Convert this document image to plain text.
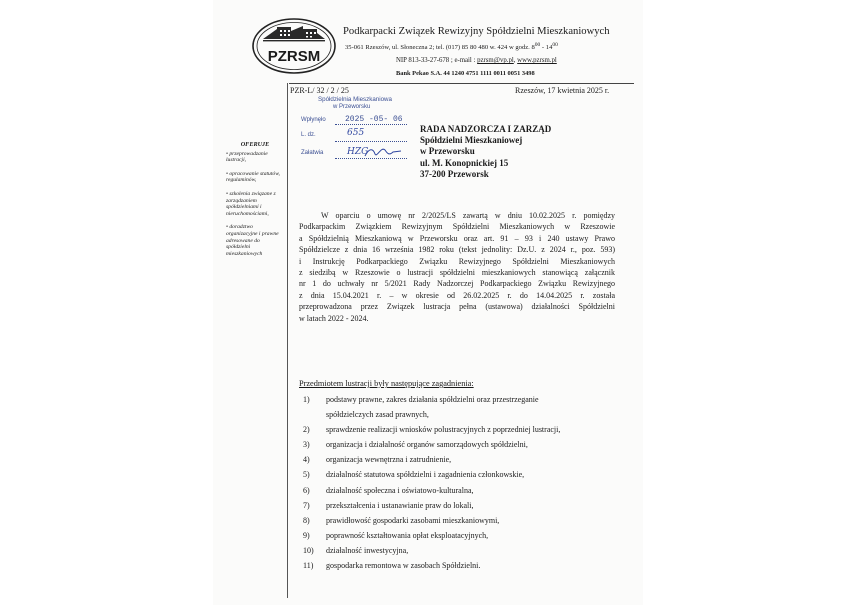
PZRSM
Podkarpacki Związek Rewizyjny Spółdzielni Mieszkaniowych
35-061 Rzeszów, ul. Słoneczna 2; tel. (017) 85 80 480 w. 424 w godz. $8^{00} - 14^{00}$
NIP 813-33-27-678 ; e-mail : pzrsm@vp.pl, www.pzrsm.pl
Bank Pekao S.A. 44 1240 4751 1111 0011 0051 3498
PZR-L/ 32 / 2 / 25	Rzeszów, 17 kwietnia 2025 r.
Spółdzielnia Mieszkaniowa
w Przeworsku
Wpłynęło 2025 -05- 06
L. dz.	655
Załatwia	HZG
RADA NADZORCZA I ZARZĄD
Spółdzielni Mieszkaniowej
w Przeworsku
ul. M. Konopnickiej 15
37-200 Przeworsk
OFERUJE
• przeprowadzanie lustracji,
• opracowanie statutów, regulaminów,
• szkolenia związane z zarządzaniem spółdzielniami i nieruchomościami,
• doradztwo organizacyjne i prawne adresowane do spółdzielni mieszkaniowych
W oparciu o umowę nr 2/2025/LS zawartą w dniu 10.02.2025 r. pomiędzy
Podkarpackim Związkiem Rewizyjnym Spółdzielni Mieszkaniowych w Rzeszowie
a Spółdzielnią Mieszkaniową w Przeworsku oraz art. 91 – 93 i 240 ustawy Prawo
Spółdzielcze z dnia 16 września 1982 roku (tekst jednolity: Dz.U. z 2024 r., poz. 593)
i Instrukcję Podkarpackiego Związku Rewizyjnego Spółdzielni Mieszkaniowych
z siedzibą w Rzeszowie o lustracji spółdzielni mieszkaniowych stanowiącą załącznik
nr 1 do uchwały nr 5/2021 Rady Nadzorczej Podkarpackiego Związku Rewizyjnego
z dnia 15.04.2021 r. – w okresie od 26.02.2025 r. do 14.04.2025 r. została
przeprowadzona przez Związek lustracja pełna (ustawowa) działalności Spółdzielni
w latach 2022 - 2024.
Przedmiotem lustracji były następujące zagadnienia:
1) podstawy prawne, zakres działania spółdzielni oraz przestrzeganie
spółdzielczych zasad prawnych,
2) sprawdzenie realizacji wniosków polustracyjnych z poprzedniej lustracji,
3) organizacja i działalność organów samorządowych spółdzielni,
4) organizacja wewnętrzna i zatrudnienie,
5) działalność statutowa spółdzielni i zagadnienia członkowskie,
6) działalność społeczna i oświatowo-kulturalna,
7) przekształcenia i ustanawianie praw do lokali,
8) prawidłowość gospodarki zasobami mieszkaniowymi,
9) poprawność kształtowania opłat eksploatacyjnych,
10) działalność inwestycyjna,
11) gospodarka remontowa w zasobach Spółdzielni.
